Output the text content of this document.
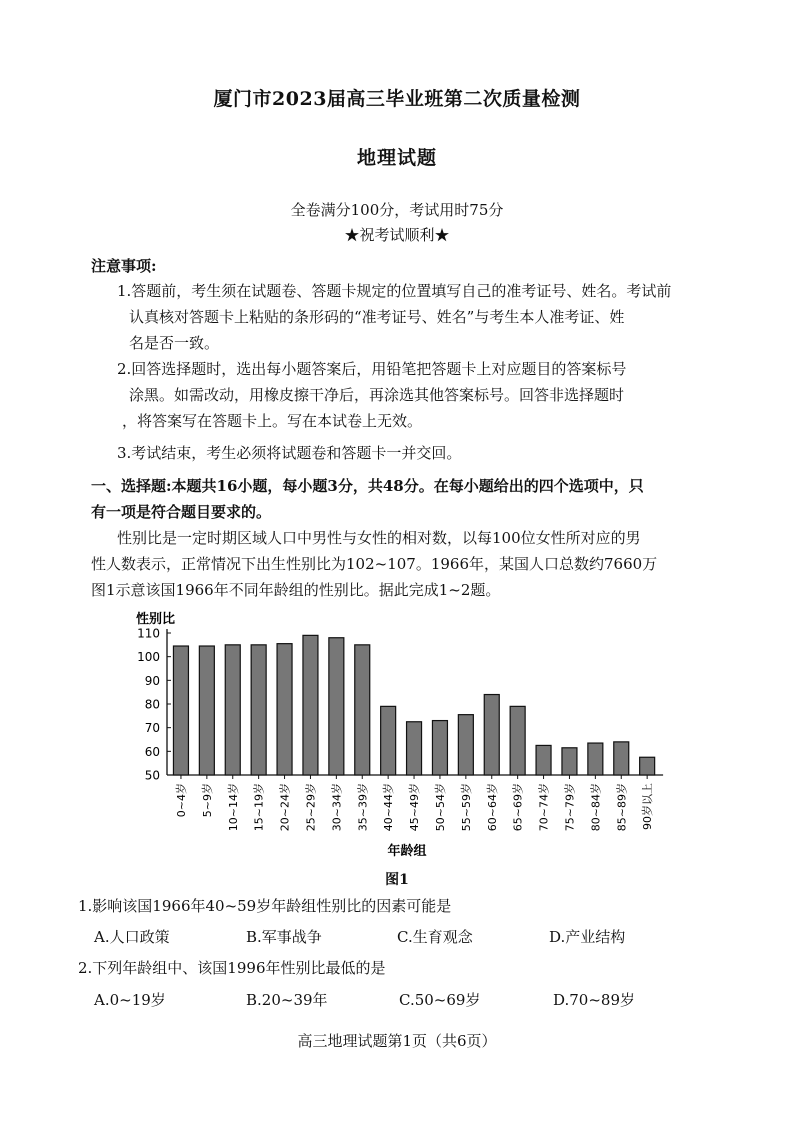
厦门市2023届高三毕业班第二次质量检测
地理试题
全卷满分100分，考试用时75分
★祝考试顺利★
注意事项:
1.答题前，考生须在试题卷、答题卡规定的位置填写自己的准考证号、姓名。考试前
认真核对答题卡上粘贴的条形码的“准考证号、姓名”与考生本人准考证、姓
名是否一致。
2.回答选择题时，选出每小题答案后，用铅笔把答题卡上对应题目的答案标号
涂黑。如需改动，用橡皮擦干净后，再涂选其他答案标号。回答非选择题时
，将答案写在答题卡上。写在本试卷上无效。
3.考试结束，考生必须将试题卷和答题卡一并交回。
一、选择题:本题共16小题，每小题3分，共48分。在每小题给出的四个选项中，只
有一项是符合题目要求的。
性别比是一定时期区域人口中男性与女性的相对数，以每100位女性所对应的男
性人数表示，正常情况下出生性别比为102~107。1966年，某国人口总数约7660万
图1示意该国1966年不同年龄组的性别比。据此完成1~2题。
性别比
50
60
70
80
90
100
110
0~4岁 5~9岁 10~14岁 15~19岁 20~24岁 25~29岁 30~34岁 35~39岁 40~44岁 45~49岁 50~54岁 55~59岁 60~64岁 65~69岁 70~74岁 75~79岁 80~84岁 85~89岁 90岁以上
年龄组
图1
1.影响该国1966年40~59岁年龄组性别比的因素可能是
A.人口政策	B.军事战争	C.生育观念	D.产业结构
2.下列年龄组中、该国1996年性别比最低的是
A.0~19岁	B.20~39年	C.50~69岁	D.70~89岁
高三地理试题第1页（共6页）
